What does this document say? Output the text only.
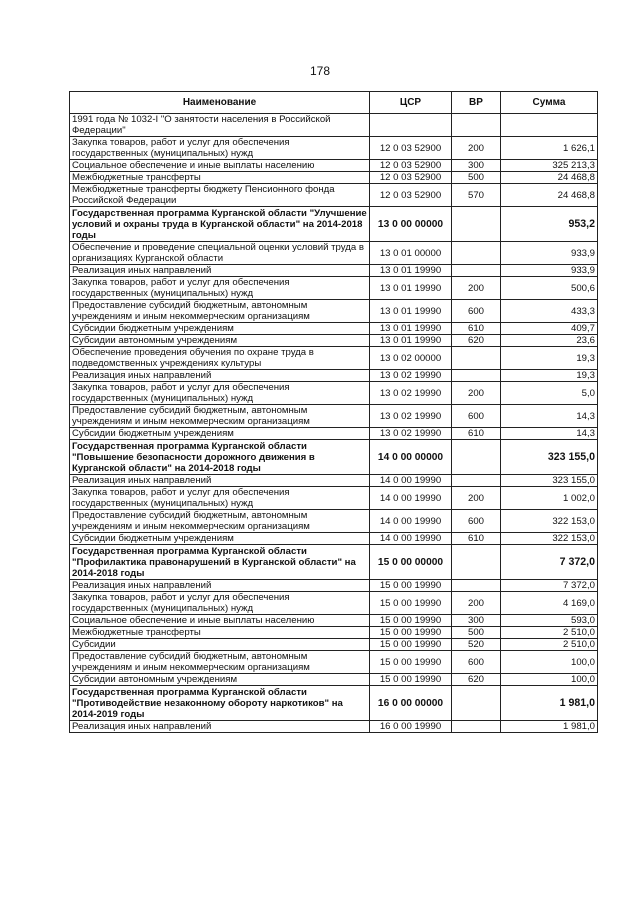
178
Наименование	ЦСР	ВР	Сумма
1991 года № 1032-I "О занятости населения в Российской Федерации"			
Закупка товаров, работ и услуг для обеспечения государственных (муниципальных) нужд	12 0 03 52900	200	1 626,1
Социальное обеспечение и иные выплаты населению	12 0 03 52900	300	325 213,3
Межбюджетные трансферты	12 0 03 52900	500	24 468,8
Межбюджетные трансферты бюджету Пенсионного фонда Российской Федерации	12 0 03 52900	570	24 468,8
Государственная программа Курганской области "Улучшение условий и охраны труда в Курганской области" на 2014-2018 годы	13 0 00 00000		953,2
Обеспечение и проведение специальной оценки условий труда в организациях Курганской области	13 0 01 00000		933,9
Реализация иных направлений	13 0 01 19990		933,9
Закупка товаров, работ и услуг для обеспечения государственных (муниципальных) нужд	13 0 01 19990	200	500,6
Предоставление субсидий бюджетным, автономным учреждениям и иным некоммерческим организациям	13 0 01 19990	600	433,3
Субсидии бюджетным учреждениям	13 0 01 19990	610	409,7
Субсидии автономным учреждениям	13 0 01 19990	620	23,6
Обеспечение проведения обучения по охране труда в подведомственных учреждениях культуры	13 0 02 00000		19,3
Реализация иных направлений	13 0 02 19990		19,3
Закупка товаров, работ и услуг для обеспечения государственных (муниципальных) нужд	13 0 02 19990	200	5,0
Предоставление субсидий бюджетным, автономным учреждениям и иным некоммерческим организациям	13 0 02 19990	600	14,3
Субсидии бюджетным учреждениям	13 0 02 19990	610	14,3
Государственная программа Курганской области "Повышение безопасности дорожного движения в Курганской области" на 2014-2018 годы	14 0 00 00000		323 155,0
Реализация иных направлений	14 0 00 19990		323 155,0
Закупка товаров, работ и услуг для обеспечения государственных (муниципальных) нужд	14 0 00 19990	200	1 002,0
Предоставление субсидий бюджетным, автономным учреждениям и иным некоммерческим организациям	14 0 00 19990	600	322 153,0
Субсидии бюджетным учреждениям	14 0 00 19990	610	322 153,0
Государственная программа Курганской области "Профилактика правонарушений в Курганской области" на 2014-2018 годы	15 0 00 00000		7 372,0
Реализация иных направлений	15 0 00 19990		7 372,0
Закупка товаров, работ и услуг для обеспечения государственных (муниципальных) нужд	15 0 00 19990	200	4 169,0
Социальное обеспечение и иные выплаты населению	15 0 00 19990	300	593,0
Межбюджетные трансферты	15 0 00 19990	500	2 510,0
Субсидии	15 0 00 19990	520	2 510,0
Предоставление субсидий бюджетным, автономным учреждениям и иным некоммерческим организациям	15 0 00 19990	600	100,0
Субсидии автономным учреждениям	15 0 00 19990	620	100,0
Государственная программа Курганской области "Противодействие незаконному обороту наркотиков" на 2014-2019 годы	16 0 00 00000		1 981,0
Реализация иных направлений	16 0 00 19990		1 981,0
